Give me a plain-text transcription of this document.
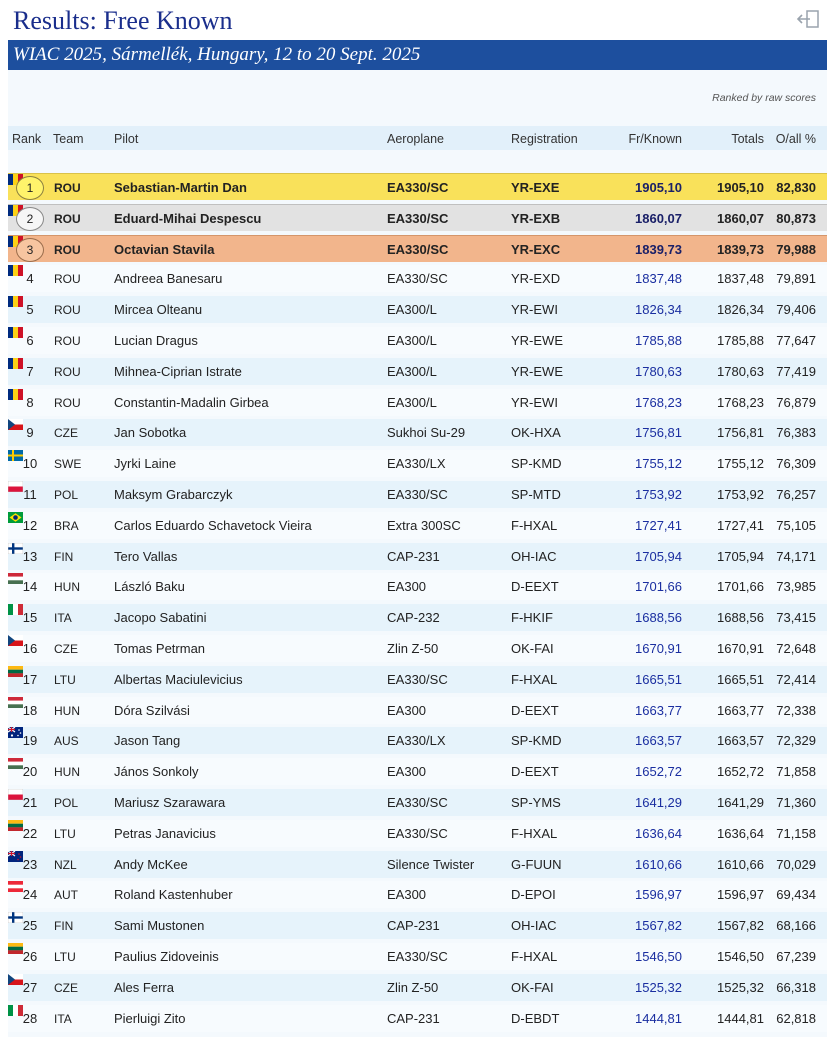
Results: Free Known
WIAC 2025, Sármellék, Hungary, 12 to 20 Sept. 2025
Ranked by raw scores
Rank Team Pilot	Aeroplane	Registration	Fr/Known	Totals O/all %
1	ROU	Sebastian-Martin Dan	EA330/SC	YR-EXE	1905,10	1905,10 82,830
2	ROU	Eduard-Mihai Despescu	EA330/SC	YR-EXB	1860,07	1860,07 80,873
3	ROU	Octavian Stavila	EA330/SC	YR-EXC	1839,73	1839,73 79,988
4	ROU	Andreea Banesaru	EA330/SC	YR-EXD	1837,48	1837,48 79,891
5	ROU	Mircea Olteanu	EA300/L	YR-EWI	1826,34	1826,34 79,406
6	ROU	Lucian Dragus	EA300/L	YR-EWE	1785,88	1785,88 77,647
7	ROU	Mihnea-Ciprian Istrate	EA300/L	YR-EWE	1780,63	1780,63 77,419
8	ROU	Constantin-Madalin Girbea	EA300/L	YR-EWI	1768,23	1768,23 76,879
9	CZE	Jan Sobotka	Sukhoi Su-29	OK-HXA	1756,81	1756,81 76,383
10	SWE	Jyrki Laine	EA330/LX	SP-KMD	1755,12	1755,12 76,309
11	POL	Maksym Grabarczyk	EA330/SC	SP-MTD	1753,92	1753,92 76,257
12	BRA	Carlos Eduardo Schavetock Vieira	Extra 300SC	F-HXAL	1727,41	1727,41 75,105
13	FIN	Tero Vallas	CAP-231	OH-IAC	1705,94	1705,94 74,171
14	HUN	László Baku	EA300	D-EEXT	1701,66	1701,66 73,985
15	ITA	Jacopo Sabatini	CAP-232	F-HKIF	1688,56	1688,56 73,415
16	CZE	Tomas Petrman	Zlin Z-50	OK-FAI	1670,91	1670,91 72,648
17	LTU	Albertas Maciulevicius	EA330/SC	F-HXAL	1665,51	1665,51 72,414
18	HUN	Dóra Szilvási	EA300	D-EEXT	1663,77	1663,77 72,338
19	AUS	Jason Tang	EA330/LX	SP-KMD	1663,57	1663,57 72,329
20	HUN	János Sonkoly	EA300	D-EEXT	1652,72	1652,72 71,858
21	POL	Mariusz Szarawara	EA330/SC	SP-YMS	1641,29	1641,29 71,360
22	LTU	Petras Janavicius	EA330/SC	F-HXAL	1636,64	1636,64 71,158
23	NZL	Andy McKee	Silence Twister	G-FUUN	1610,66	1610,66 70,029
24	AUT	Roland Kastenhuber	EA300	D-EPOI	1596,97	1596,97 69,434
25	FIN	Sami Mustonen	CAP-231	OH-IAC	1567,82	1567,82 68,166
26	LTU	Paulius Zidoveinis	EA330/SC	F-HXAL	1546,50	1546,50 67,239
27	CZE	Ales Ferra	Zlin Z-50	OK-FAI	1525,32	1525,32 66,318
28	ITA	Pierluigi Zito	CAP-231	D-EBDT	1444,81	1444,81 62,818
